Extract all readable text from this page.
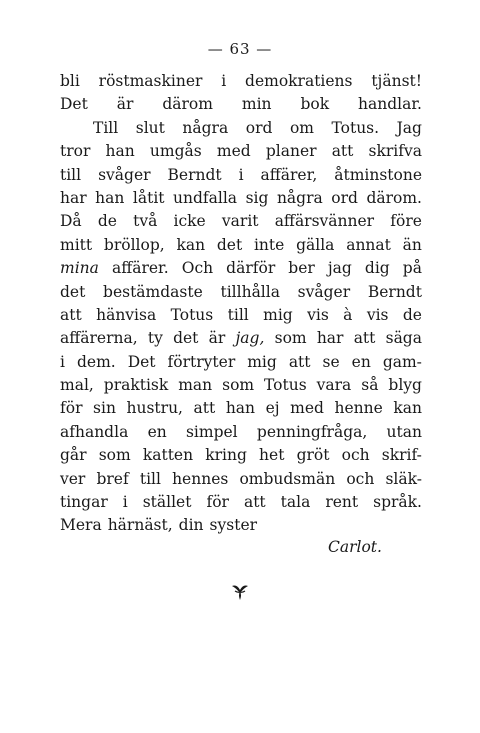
— 63 —
bli röstmaskiner i demokratiens tjänst!
Det är därom min bok handlar.
Till slut några ord om Totus. Jag
tror han umgås med planer att skrifva
till svåger Berndt i affärer, åtminstone
har han låtit undfalla sig några ord därom.
Då de två icke varit affärsvänner före
mitt bröllop, kan det inte gälla annat än
mina affärer. Och därför ber jag dig på
det bestämdaste tillhålla svåger Berndt
att hänvisa Totus till mig vis à vis de
affärerna, ty det är jag, som har att säga
i dem. Det förtryter mig att se en gam-
mal, praktisk man som Totus vara så blyg
för sin hustru, att han ej med henne kan
afhandla en simpel penningfråga, utan
går som katten kring het gröt och skrif-
ver bref till hennes ombudsmän och släk-
tingar i stället för att tala rent språk.
Mera härnäst, din syster
Carlot.
